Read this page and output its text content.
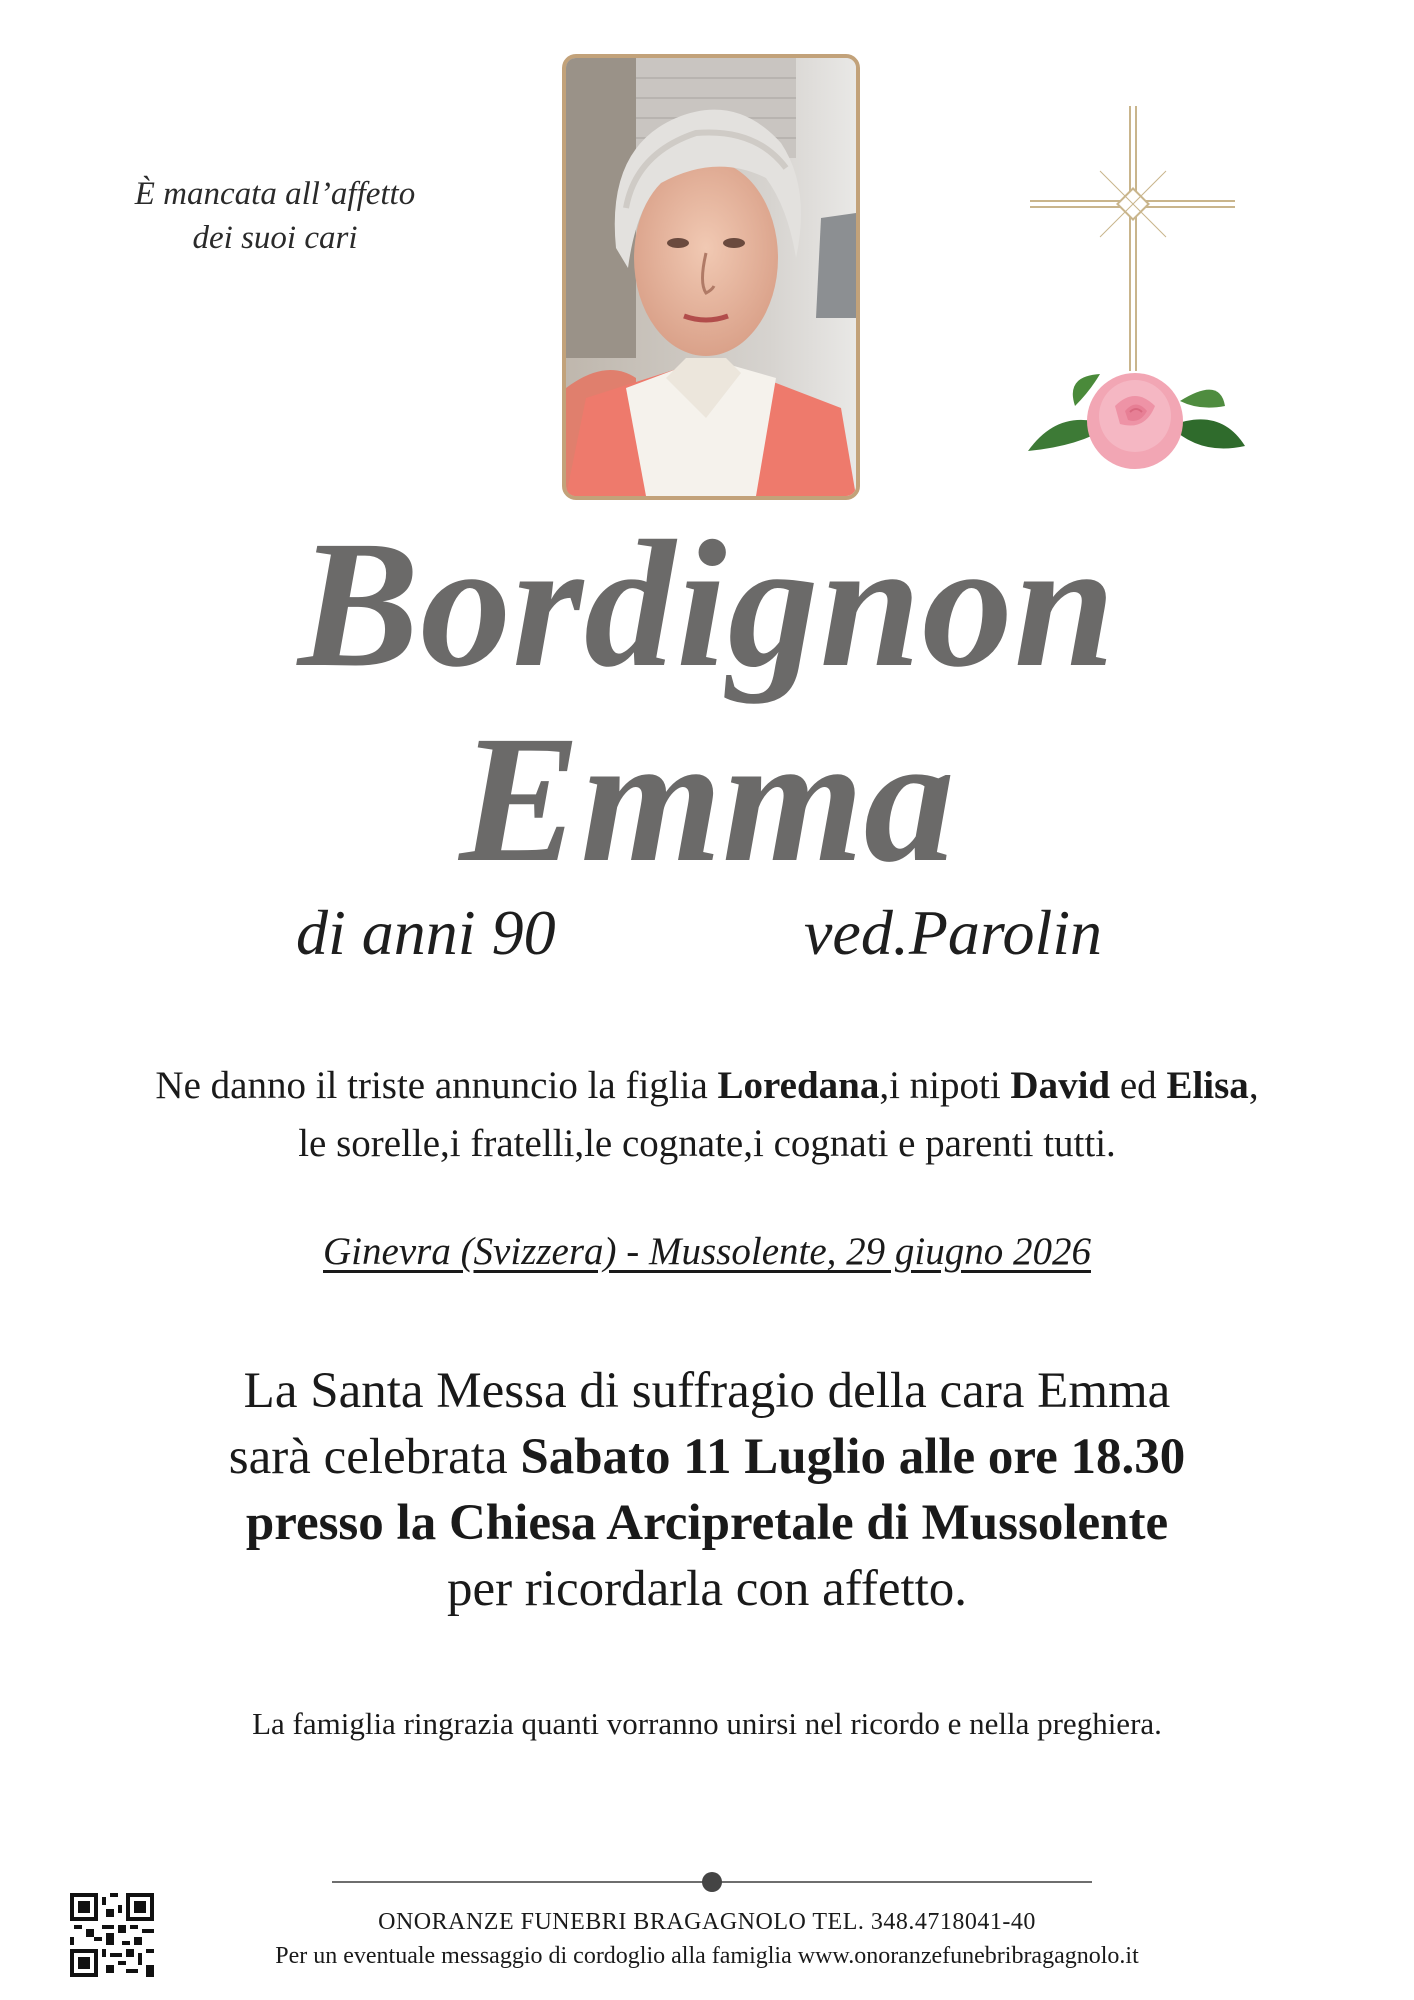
È mancata all’affetto
dei suoi cari
Bordignon
Emma
di anni 90	ved.Parolin
Ne danno il triste annuncio la figlia Loredana,i nipoti David ed Elisa,
le sorelle,i fratelli,le cognate,i cognati e parenti tutti.
Ginevra (Svizzera) - Mussolente, 29 giugno 2026
La Santa Messa di suffragio della cara Emma
sarà celebrata Sabato 11 Luglio alle ore 18.30
presso la Chiesa Arcipretale di Mussolente
per ricordarla con affetto.
La famiglia ringrazia quanti vorranno unirsi nel ricordo e nella preghiera.
ONORANZE FUNEBRI BRAGAGNOLO TEL. 348.4718041-40
Per un eventuale messaggio di cordoglio alla famiglia www.onoranzefunebribragagnolo.it
